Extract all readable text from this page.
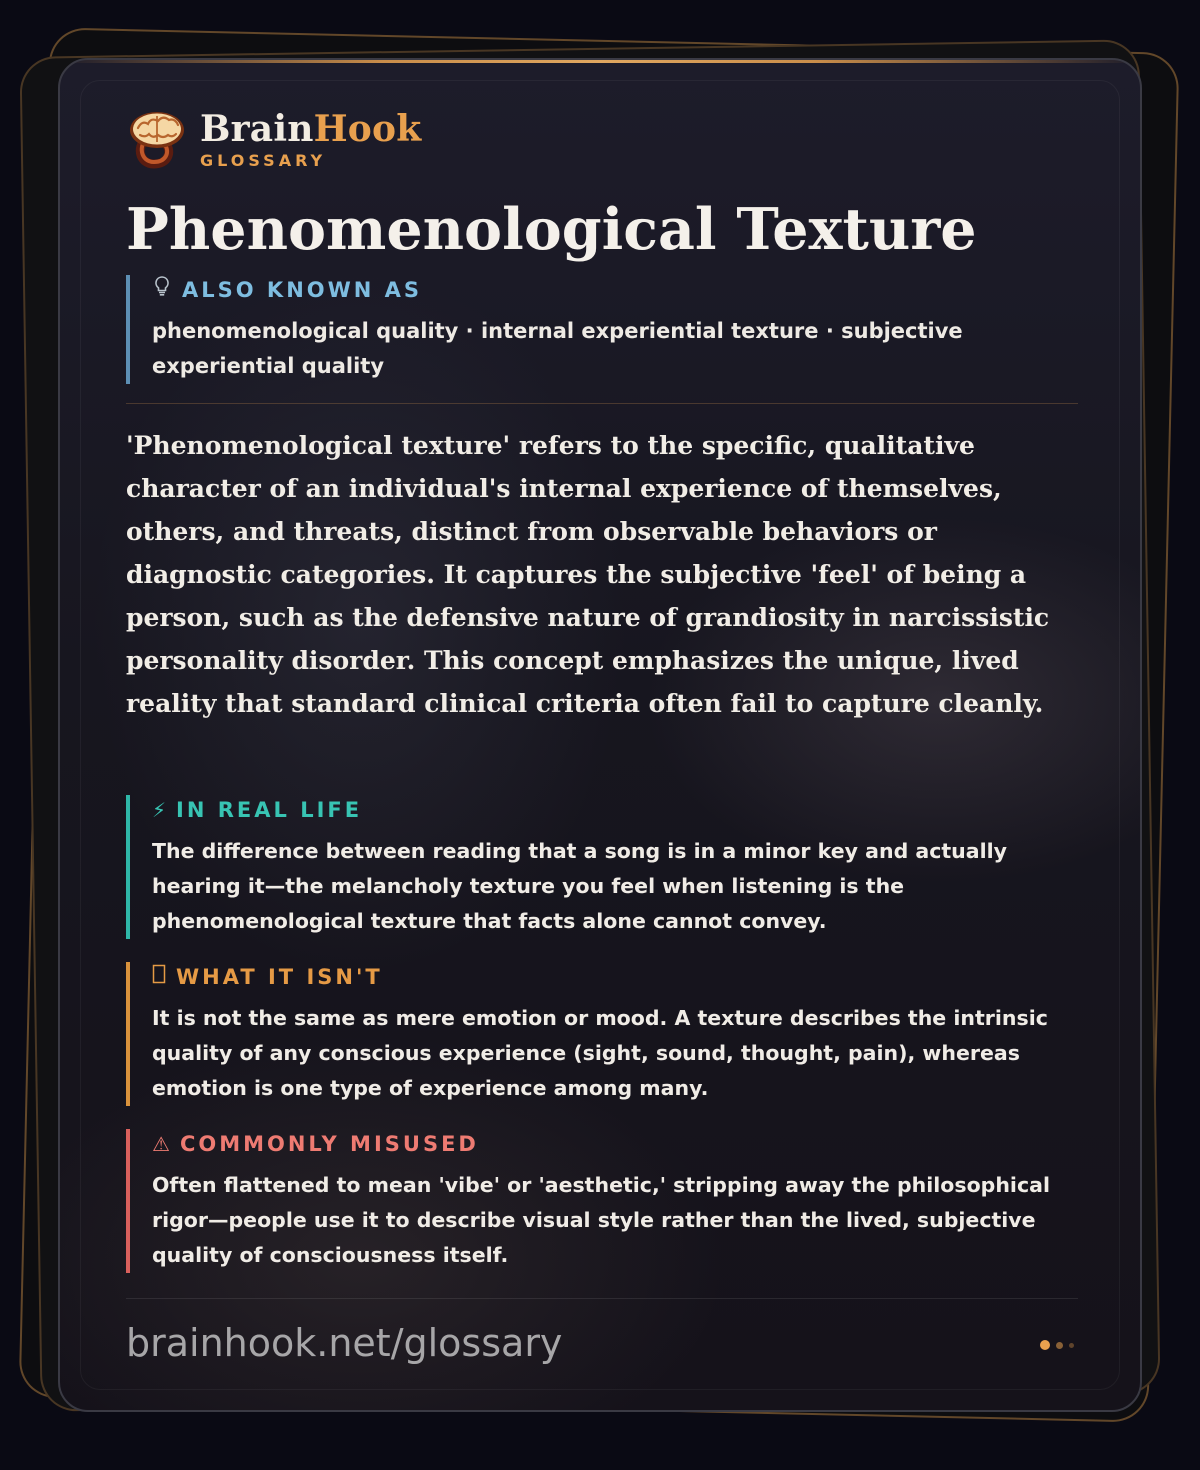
BrainHook
GLOSSARY
Phenomenological Texture
ALSO KNOWN AS

phenomenological quality · internal experiential texture · subjective experiential quality

'Phenomenological texture' refers to the specific, qualitative character of an individual's internal experience of themselves, others, and threats, distinct from observable behaviors or diagnostic categories. It captures the subjective 'feel' of being a person, such as the defensive nature of grandiosity in narcissistic personality disorder. This concept emphasizes the unique, lived reality that standard clinical criteria often fail to capture cleanly.

⚡ IN REAL LIFE

The difference between reading that a song is in a minor key and actually hearing it—the melancholy texture you feel when listening is the phenomenological texture that facts alone cannot convey.

WHAT IT ISN'T

It is not the same as mere emotion or mood. A texture describes the intrinsic quality of any conscious experience (sight, sound, thought, pain), whereas emotion is one type of experience among many.

⚠ COMMONLY MISUSED

Often flattened to mean 'vibe' or 'aesthetic,' stripping away the philosophical rigor—people use it to describe visual style rather than the lived, subjective quality of consciousness itself.

brainhook.net/glossary
